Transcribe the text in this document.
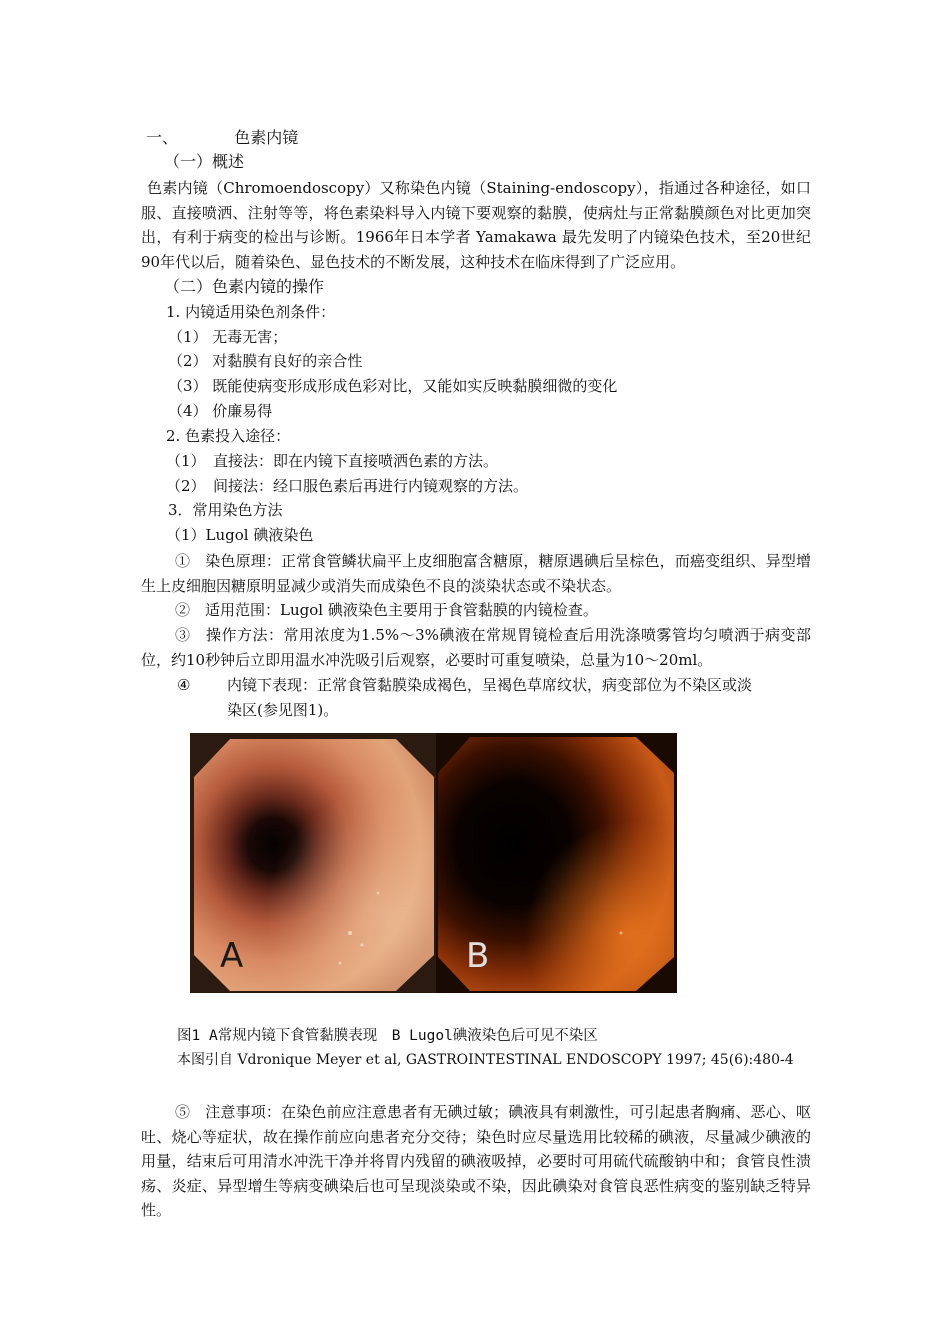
一、	色素内镜
（一）概述
色素内镜（Chromoendoscopy）又称染色内镜（Staining-endoscopy），指通过各种途径，如口服、直接喷洒、注射等等，将色素染料导入内镜下要观察的黏膜，使病灶与正常黏膜颜色对比更加突出，有利于病变的检出与诊断。1966年日本学者 Yamakawa 最先发明了内镜染色技术，至20世纪90年代以后，随着染色、显色技术的不断发展，这种技术在临床得到了广泛应用。
（二）色素内镜的操作
1. 内镜适用染色剂条件：
（1） 无毒无害；
（2） 对黏膜有良好的亲合性
（3） 既能使病变形成形成色彩对比，又能如实反映黏膜细微的变化
（4） 价廉易得
2. 色素投入途径：
（1）　直接法：即在内镜下直接喷洒色素的方法。
（2）　间接法：经口服色素后再进行内镜观察的方法。
3．常用染色方法
（1）Lugol 碘液染色
①　染色原理：正常食管鳞状扁平上皮细胞富含糖原，糖原遇碘后呈棕色，而癌变组织、异型增生上皮细胞因糖原明显减少或消失而成染色不良的淡染状态或不染状态。
②　适用范围：Lugol 碘液染色主要用于食管黏膜的内镜检查。
③　操作方法：常用浓度为1.5%～3%碘液在常规胃镜检查后用洗涤喷雾管均匀喷洒于病变部位，约10秒钟后立即用温水冲洗吸引后观察，必要时可重复喷染，总量为10～20ml。
④ 内镜下表现：正常食管黏膜染成褐色，呈褐色草席纹状，病变部位为不染区或淡
染区(参见图1)。
A	B
图1 A常规内镜下食管黏膜表现　B Lugol碘液染色后可见不染区
本图引自 Vdronique Meyer et al, GASTROINTESTINAL ENDOSCOPY 1997; 45(6):480-4
⑤　注意事项：在染色前应注意患者有无碘过敏；碘液具有刺激性，可引起患者胸痛、恶心、呕吐、烧心等症状，故在操作前应向患者充分交待；染色时应尽量选用比较稀的碘液，尽量减少碘液的用量，结束后可用清水冲洗干净并将胃内残留的碘液吸掉，必要时可用硫代硫酸钠中和；食管良性溃疡、炎症、异型增生等病变碘染后也可呈现淡染或不染，因此碘染对食管良恶性病变的鉴别缺乏特异性。
